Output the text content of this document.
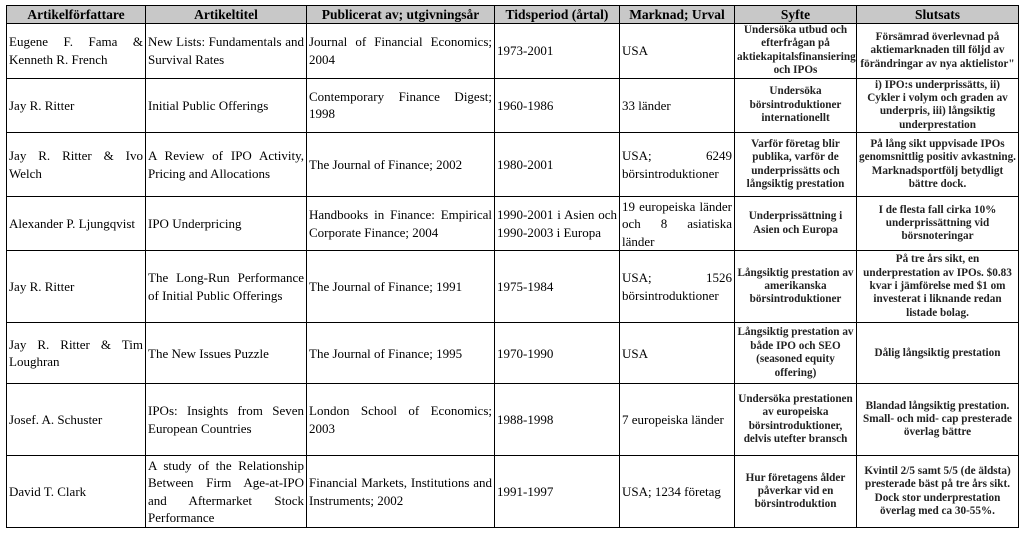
Artikelförfattare	Artikeltitel	Publicerat av; utgivningsår	Tidsperiod (årtal)	Marknad; Urval	Syfte	Slutsats
Eugene F. Fama & Kenneth R. French	New Lists: Fundamentals and Survival Rates	Journal of Financial Economics; 2004	1973-2001	USA	Undersöka utbud och efterfrågan på aktiekapitalsfinansiering och IPOs	Försämrad överlevnad på aktiemarknaden till följd av förändringar av nya aktielistor"
Jay R. Ritter	Initial Public Offerings	Contemporary Finance Digest; 1998	1960-1986	33 länder	Undersöka börsintroduktioner internationellt	i) IPO:s underprissätts, ii) Cykler i volym och graden av underpris, iii) långsiktig underprestation
Jay R. Ritter & Ivo Welch	A Review of IPO Activity, Pricing and Allocations	The Journal of Finance; 2002	1980-2001	USA; 6249 börsintroduktioner	Varför företag blir publika, varför de underprissätts och långsiktig prestation	På lång sikt uppvisade IPOs genomsnittlig positiv avkastning. Marknadsportfölj betydligt bättre dock.
Alexander P. Ljungqvist	IPO Underpricing	Handbooks in Finance: Empirical Corporate Finance; 2004	1990-2001 i Asien och 1990-2003 i Europa	19 europeiska länder och 8 asiatiska länder	Underprissättning i Asien och Europa	I de flesta fall cirka 10% underprissättning vid börsnoteringar
Jay R. Ritter	The Long-Run Performance of Initial Public Offerings	The Journal of Finance; 1991	1975-1984	USA; 1526 börsintroduktioner	Långsiktig prestation av amerikanska börsintroduktioner	På tre års sikt, en underprestation av IPOs. $0.83 kvar i jämförelse med $1 om investerat i liknande redan listade bolag.
Jay R. Ritter & Tim Loughran	The New Issues Puzzle	The Journal of Finance; 1995	1970-1990	USA	Långsiktig prestation av både IPO och SEO (seasoned equity offering)	Dålig långsiktig prestation
Josef. A. Schuster	IPOs: Insights from Seven European Countries	London School of Economics; 2003	1988-1998	7 europeiska länder	Undersöka prestationen av europeiska börsintroduktioner, delvis utefter bransch	Blandad långsiktig prestation. Small- och mid- cap presterade överlag bättre
David T. Clark	A study of the Relationship Between Firm Age-at-IPO and Aftermarket Stock Performance	Financial Markets, Institutions and Instruments; 2002	1991-1997	USA; 1234 företag	Hur företagens ålder påverkar vid en börsintroduktion	Kvintil 2/5 samt 5/5 (de äldsta) presterade bäst på tre års sikt. Dock stor underprestation överlag med ca 30-55%.
